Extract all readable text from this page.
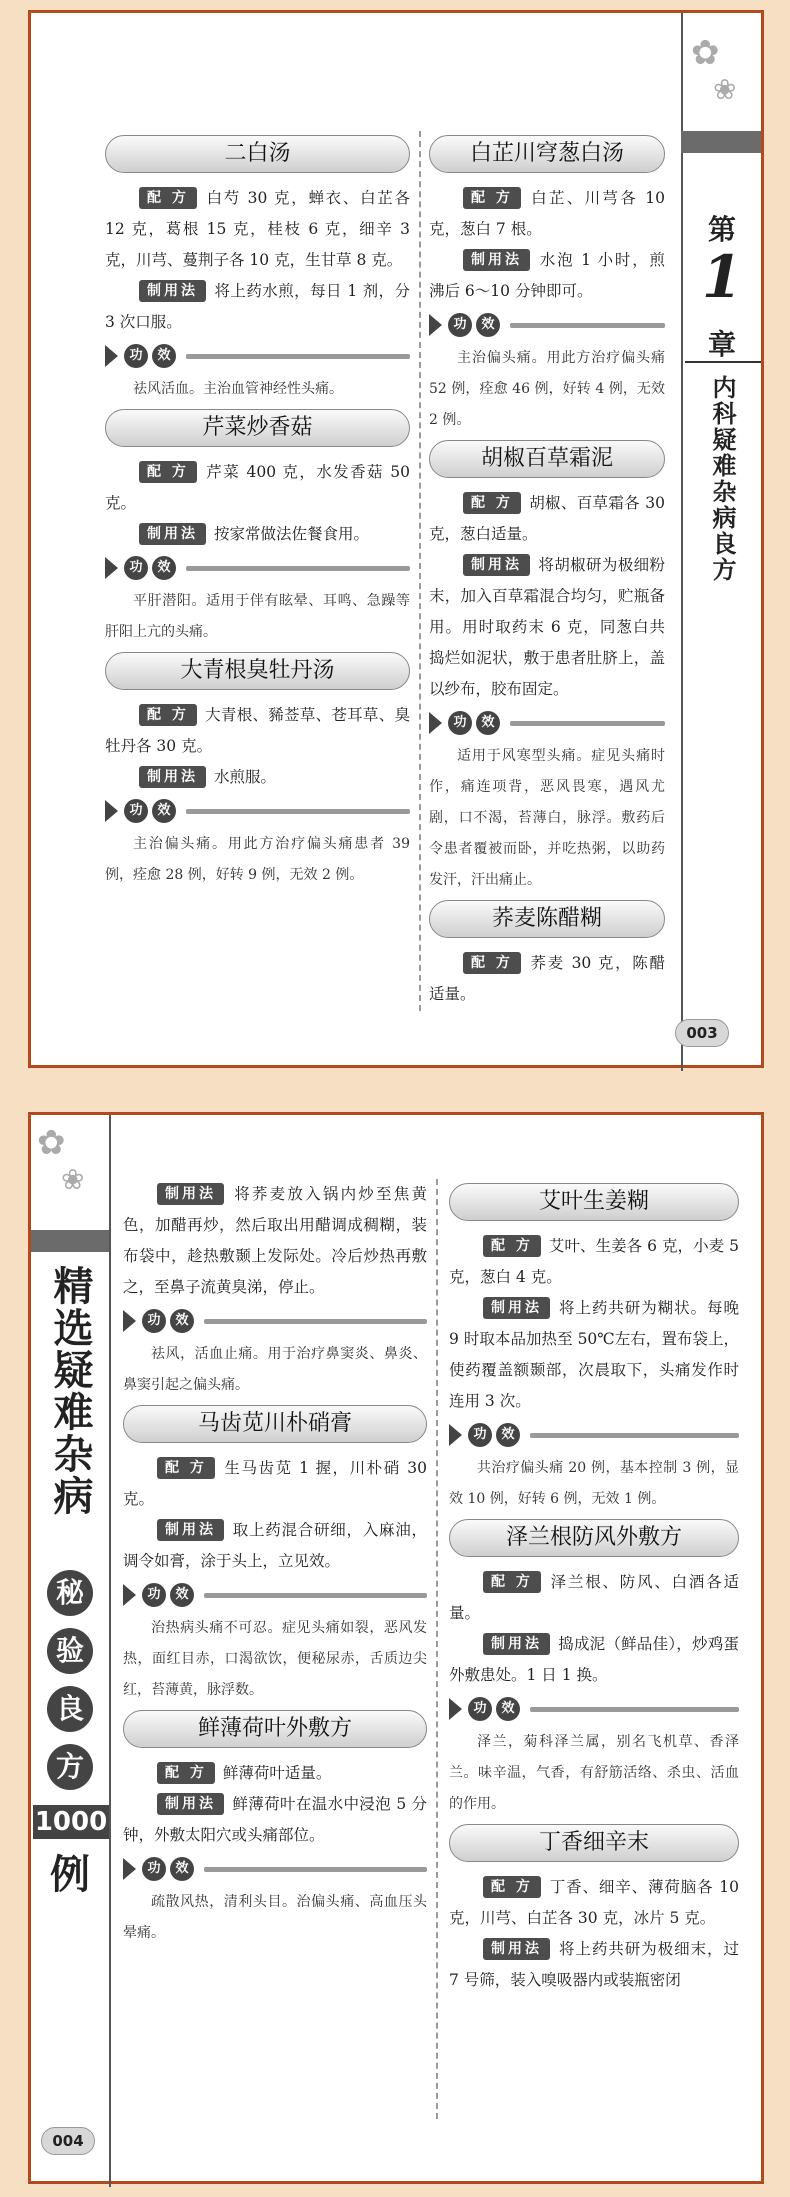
二白汤

配 方 白芍 30 克，蝉衣、白芷各 12 克，葛根 15 克，桂枝 6 克，细辛 3 克，川芎、蔓荆子各 10 克，生甘草 8 克。

制用法 将上药水煎，每日 1 剂，分 3 次口服。

功	效

祛风活血。主治血管神经性头痛。

芹菜炒香菇

配 方 芹菜 400 克，水发香菇 50 克。

制用法 按家常做法佐餐食用。

功	效

平肝潜阳。适用于伴有眩晕、耳鸣、急躁等肝阳上亢的头痛。

大青根臭牡丹汤

配 方 大青根、豨莶草、苍耳草、臭牡丹各 30 克。

制用法 水煎服。

功	效

主治偏头痛。用此方治疗偏头痛患者 39 例，痊愈 28 例，好转 9 例，无效 2 例。

白芷川穹葱白汤

配 方 白芷、川芎各 10 克，葱白 7 根。

制用法 水泡 1 小时，煎沸后 6～10 分钟即可。

功	效

主治偏头痛。用此方治疗偏头痛 52 例，痊愈 46 例，好转 4 例，无效 2 例。

胡椒百草霜泥

配 方 胡椒、百草霜各 30 克，葱白适量。

制用法 将胡椒研为极细粉末，加入百草霜混合均匀，贮瓶备用。用时取药末 6 克，同葱白共捣烂如泥状，敷于患者肚脐上，盖以纱布，胶布固定。

功	效

适用于风寒型头痛。症见头痛时作，痛连项背，恶风畏寒，遇风尤剧，口不渴，苔薄白，脉浮。敷药后令患者覆被而卧，并吃热粥，以助药发汗，汗出痛止。

荞麦陈醋糊

配 方 荞麦 30 克，陈醋适量。

✿
❀
第
1
章
内科疑难杂病良方
003
✿
❀
精选疑难杂病
秘
验
良
方
1000
例
004

制用法 将荞麦放入锅内炒至焦黄色，加醋再炒，然后取出用醋调成稠糊，装布袋中，趁热敷颞上发际处。冷后炒热再敷之，至鼻子流黄臭涕，停止。

功	效

祛风，活血止痛。用于治疗鼻窦炎、鼻炎、鼻窦引起之偏头痛。

马齿苋川朴硝膏

配 方 生马齿苋 1 握，川朴硝 30 克。

制用法 取上药混合研细，入麻油，调令如膏，涂于头上，立见效。

功	效

治热病头痛不可忍。症见头痛如裂，恶风发热，面红目赤，口渴欲饮，便秘尿赤，舌质边尖红，苔薄黄，脉浮数。

鲜薄荷叶外敷方

配 方 鲜薄荷叶适量。

制用法 鲜薄荷叶在温水中浸泡 5 分钟，外敷太阳穴或头痛部位。

功	效

疏散风热，清利头目。治偏头痛、高血压头晕痛。

艾叶生姜糊

配 方 艾叶、生姜各 6 克，小麦 5 克，葱白 4 克。

制用法 将上药共研为糊状。每晚 9 时取本品加热至 50℃左右，置布袋上，使药覆盖额颞部，次晨取下，头痛发作时连用 3 次。

功	效

共治疗偏头痛 20 例，基本控制 3 例，显效 10 例，好转 6 例，无效 1 例。

泽兰根防风外敷方

配 方 泽兰根、防风、白酒各适量。

制用法 捣成泥（鲜品佳），炒鸡蛋外敷患处。1 日 1 换。

功	效

泽兰，菊科泽兰属，别名飞机草、香泽兰。味辛温，气香，有舒筋活络、杀虫、活血的作用。

丁香细辛末

配 方 丁香、细辛、薄荷脑各 10 克，川芎、白芷各 30 克，冰片 5 克。

制用法 将上药共研为极细末，过 7 号筛，装入嗅吸器内或装瓶密闭
